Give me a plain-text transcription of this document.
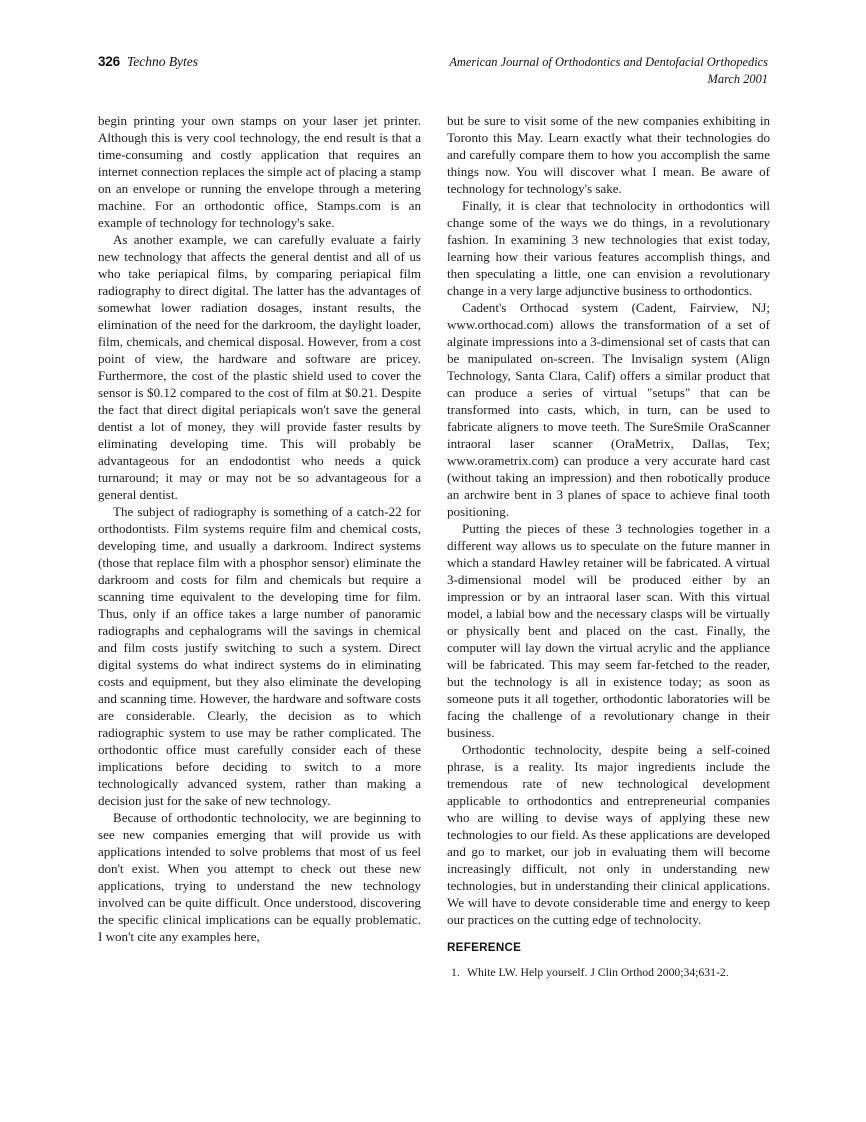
326 Techno Bytes	American Journal of Orthodontics and Dentofacial Orthopedics
March 2001

begin printing your own stamps on your laser jet printer. Although this is very cool technology, the end result is that a time-consuming and costly application that requires an internet connection replaces the simple act of placing a stamp on an envelope or running the envelope through a metering machine. For an orthodontic office, Stamps.com is an example of technology for technology's sake.

As another example, we can carefully evaluate a fairly new technology that affects the general dentist and all of us who take periapical films, by comparing periapical film radiography to direct digital. The latter has the advantages of somewhat lower radiation dosages, instant results, the elimination of the need for the darkroom, the daylight loader, film, chemicals, and chemical disposal. However, from a cost point of view, the hardware and software are pricey. Furthermore, the cost of the plastic shield used to cover the sensor is $0.12 compared to the cost of film at $0.21. Despite the fact that direct digital periapicals won't save the general dentist a lot of money, they will provide faster results by eliminating developing time. This will probably be advantageous for an endodontist who needs a quick turnaround; it may or may not be so advantageous for a general dentist.

The subject of radiography is something of a catch-22 for orthodontists. Film systems require film and chemical costs, developing time, and usually a darkroom. Indirect systems (those that replace film with a phosphor sensor) eliminate the darkroom and costs for film and chemicals but require a scanning time equivalent to the developing time for film. Thus, only if an office takes a large number of panoramic radiographs and cephalograms will the savings in chemical and film costs justify switching to such a system. Direct digital systems do what indirect systems do in eliminating costs and equipment, but they also eliminate the developing and scanning time. However, the hardware and software costs are considerable. Clearly, the decision as to which radiographic system to use may be rather complicated. The orthodontic office must carefully consider each of these implications before deciding to switch to a more technologically advanced system, rather than making a decision just for the sake of new technology.

Because of orthodontic technolocity, we are beginning to see new companies emerging that will provide us with applications intended to solve problems that most of us feel don't exist. When you attempt to check out these new applications, trying to understand the new technology involved can be quite difficult. Once understood, discovering the specific clinical implications can be equally problematic. I won't cite any examples here,

but be sure to visit some of the new companies exhibiting in Toronto this May. Learn exactly what their technologies do and carefully compare them to how you accomplish the same things now. You will discover what I mean. Be aware of technology for technology's sake.

Finally, it is clear that technolocity in orthodontics will change some of the ways we do things, in a revolutionary fashion. In examining 3 new technologies that exist today, learning how their various features accomplish things, and then speculating a little, one can envision a revolutionary change in a very large adjunctive business to orthodontics.

Cadent's Orthocad system (Cadent, Fairview, NJ; www.orthocad.com) allows the transformation of a set of alginate impressions into a 3-dimensional set of casts that can be manipulated on-screen. The Invisalign system (Align Technology, Santa Clara, Calif) offers a similar product that can produce a series of virtual "setups" that can be transformed into casts, which, in turn, can be used to fabricate aligners to move teeth. The SureSmile OraScanner intraoral laser scanner (OraMetrix, Dallas, Tex; www.orametrix.com) can produce a very accurate hard cast (without taking an impression) and then robotically produce an archwire bent in 3 planes of space to achieve final tooth positioning.

Putting the pieces of these 3 technologies together in a different way allows us to speculate on the future manner in which a standard Hawley retainer will be fabricated. A virtual 3-dimensional model will be produced either by an impression or by an intraoral laser scan. With this virtual model, a labial bow and the necessary clasps will be virtually or physically bent and placed on the cast. Finally, the computer will lay down the virtual acrylic and the appliance will be fabricated. This may seem far-fetched to the reader, but the technology is all in existence today; as soon as someone puts it all together, orthodontic laboratories will be facing the challenge of a revolutionary change in their business.

Orthodontic technolocity, despite being a self-coined phrase, is a reality. Its major ingredients include the tremendous rate of new technological development applicable to orthodontics and entrepreneurial companies who are willing to devise ways of applying these new technologies to our field. As these applications are developed and go to market, our job in evaluating them will become increasingly difficult, not only in understanding new technologies, but in understanding their clinical applications. We will have to devote considerable time and energy to keep our practices on the cutting edge of technolocity.

REFERENCE
1. White LW. Help yourself. J Clin Orthod 2000;34;631-2.
